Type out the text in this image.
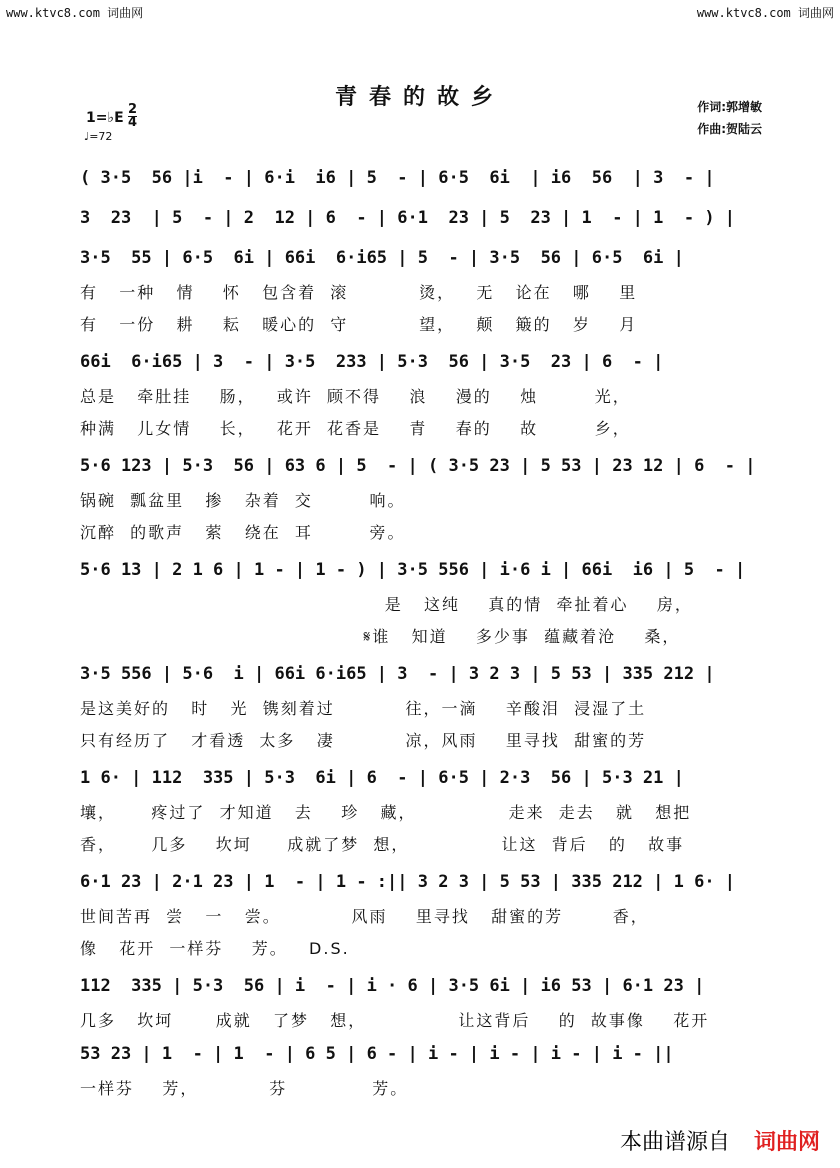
www.ktvc8.com 词曲网	www.ktvc8.com 词曲网
青春的故乡	作词:郭增敏
作曲:贺陆云
1=♭E
2
4
♩=72
( 3·5  56 |i  - | 6·i  i6 | 5  - | 6·5  6i  | i6  56  | 3  - |
3  23  | 5  - | 2  12 | 6  - | 6·1  23 | 5  23 | 1  - | 1  - ) |
3·5  55 | 6·5  6i | 66i  6·i65 | 5  - | 3·5  56 | 6·5  6i |
有   一种   情    怀   包含着  滚          烫，   无   论在   哪    里
有   一份   耕    耘   暖心的  守          望，   颠   簸的   岁    月
66i  6·i65 | 3  - | 3·5  233 | 5·3  56 | 3·5  23 | 6  - |
总是   牵肚挂    肠，   或许  顾不得    浪    漫的    烛        光，
种满   儿女情    长，   花开  花香是    青    春的    故        乡，
5·6 123 | 5·3  56 | 63 6 | 5  - | ( 3·5 23 | 5 53 | 23 12 | 6  - |
锅碗  瓢盆里   掺   杂着  交        响。
沉醉  的歌声   萦   绕在  耳        旁。
5·6 13 | 2 1 6 | 1 - | 1 - ) | 3·5 556 | i·6 i | 66i  i6 | 5  - |
是   这纯    真的情  牵扯着心    房，
𝄋谁   知道    多少事  蕴藏着沧    桑，
3·5 556 | 5·6  i | 66i 6·i65 | 3  - | 3 2 3 | 5 53 | 335 212 |
是这美好的   时   光  镌刻着过          往，一滴    辛酸泪  浸湿了土
只有经历了   才看透  太多   凄          凉，风雨    里寻找  甜蜜的芳
1 6· | 112  335 | 5·3  6i | 6  - | 6·5 | 2·3  56 | 5·3 21 |
壤，     疼过了  才知道   去    珍   藏，             走来  走去   就   想把
香，     几多    坎坷     成就了梦  想，             让这  背后   的   故事
6·1 23 | 2·1 23 | 1  - | 1 - :|| 3 2 3 | 5 53 | 335 212 | 1 6· |
世间苦再  尝   一   尝。          风雨    里寻找   甜蜜的芳       香，
像   花开  一样芬    芳。   D.S.
112  335 | 5·3  56 | i  - | i · 6 | 3·5 6i | i6 53 | 6·1 23 |
几多   坎坷      成就   了梦   想，             让这背后    的  故事像    花开
53 23 | 1  - | 1  - | 6 5 | 6 - | i - | i - | i - | i - ||
一样芬    芳，          芬            芳。
本曲谱源自 词曲网
